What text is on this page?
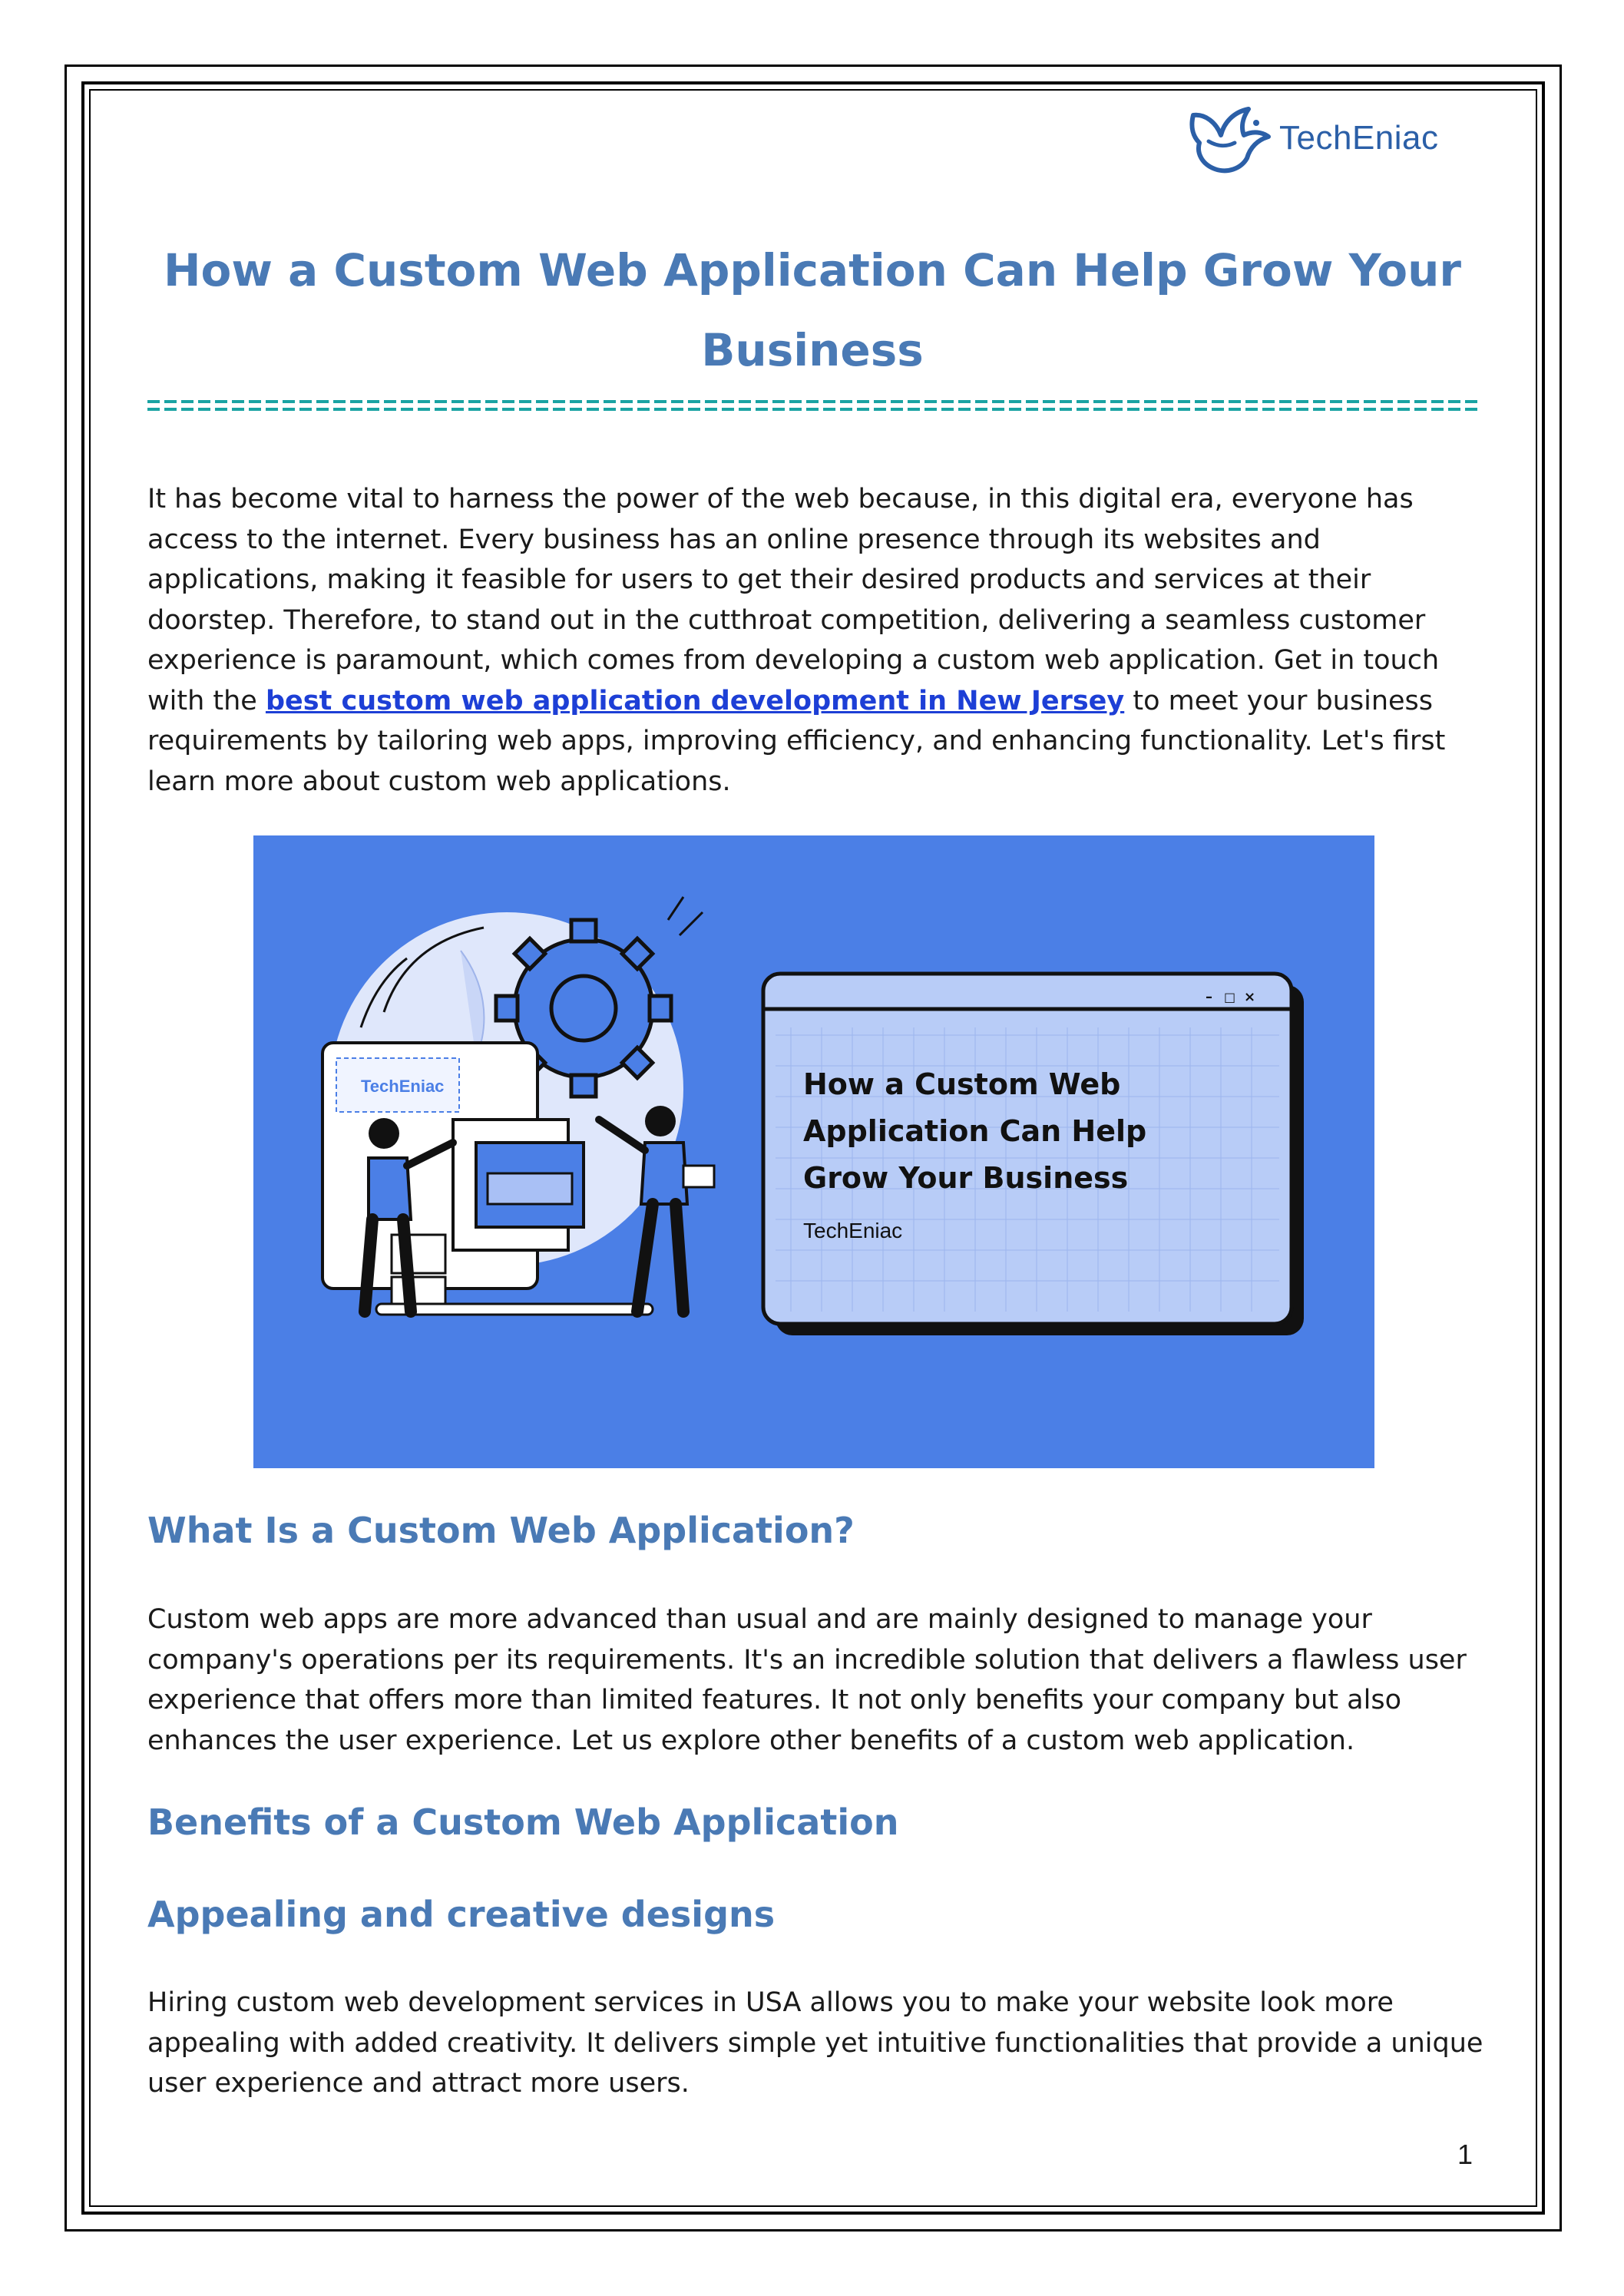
TechEniac
How a Custom Web Application Can Help Grow Your Business

It has become vital to harness the power of the web because, in this digital era, everyone has access to the internet. Every business has an online presence through its websites and applications, making it feasible for users to get their desired products and services at their doorstep. Therefore, to stand out in the cutthroat competition, delivering a seamless customer experience is paramount, which comes from developing a custom web application. Get in touch with the best custom web application development in New Jersey to meet your business requirements by tailoring web apps, improving efficiency, and enhancing functionality. Let's first learn more about custom web applications.

TechEniac
– □ ×
How a Custom Web
Application Can Help
Grow Your Business
TechEniac
What Is a Custom Web Application?

Custom web apps are more advanced than usual and are mainly designed to manage your company's operations per its requirements. It's an incredible solution that delivers a flawless user experience that offers more than limited features. It not only benefits your company but also enhances the user experience. Let us explore other benefits of a custom web application.

Benefits of a Custom Web Application
Appealing and creative designs

Hiring custom web development services in USA allows you to make your website look more appealing with added creativity. It delivers simple yet intuitive functionalities that provide a unique user experience and attract more users.

1
